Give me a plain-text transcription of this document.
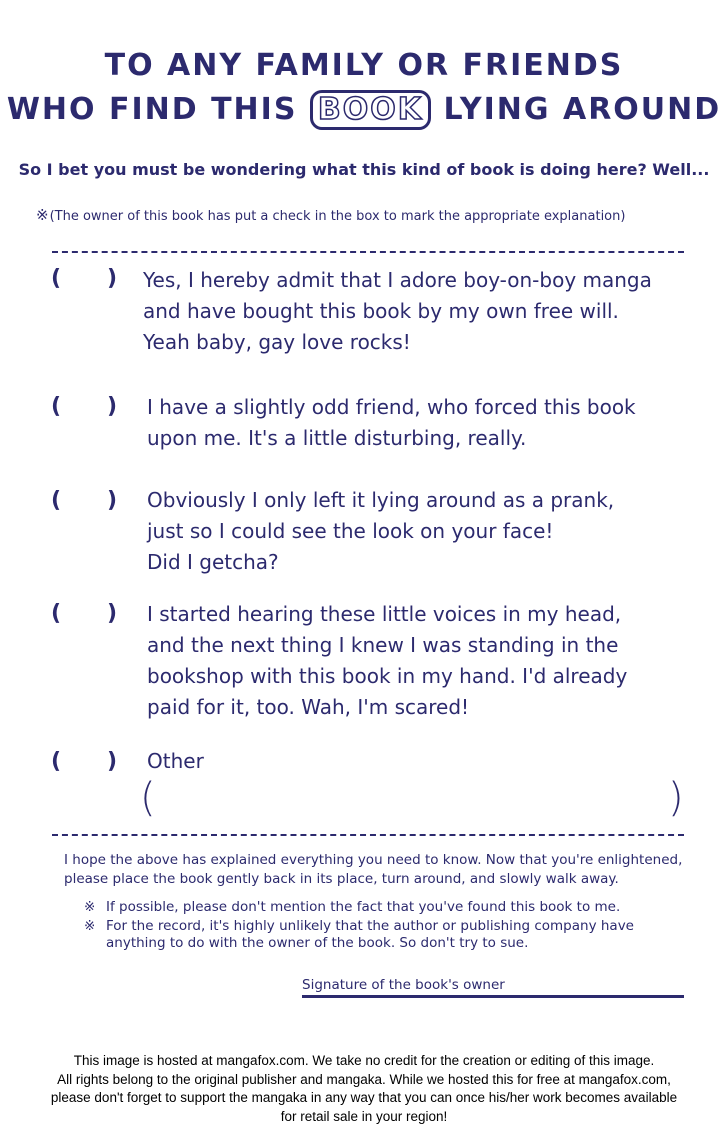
TO ANY FAMILY OR FRIENDS
WHO FIND THIS BOOK LYING AROUND
So I bet you must be wondering what this kind of book is doing here? Well...
※(The owner of this book has put a check in the box to mark the appropriate explanation)
( ) Yes, I hereby admit that I adore boy-on-boy manga
and have bought this book by my own free will.
Yeah baby, gay love rocks!
( ) I have a slightly odd friend, who forced this book
upon me. It's a little disturbing, really.
( ) Obviously I only left it lying around as a prank,
just so I could see the look on your face!
Did I getcha?
( ) I started hearing these little voices in my head,
and the next thing I knew I was standing in the
bookshop with this book in my hand. I'd already
paid for it, too. Wah, I'm scared!
( ) Other
(	)
I hope the above has explained everything you need to know. Now that you're enlightened,
please place the book gently back in its place, turn around, and slowly walk away.
※ If possible, please don't mention the fact that you've found this book to me.
※ For the record, it's highly unlikely that the author or publishing company have
anything to do with the owner of the book. So don't try to sue.
Signature of the book's owner
This image is hosted at mangafox.com. We take no credit for the creation or editing of this image.
All rights belong to the original publisher and mangaka. While we hosted this for free at mangafox.com,
please don't forget to support the mangaka in any way that you can once his/her work becomes available
for retail sale in your region!
